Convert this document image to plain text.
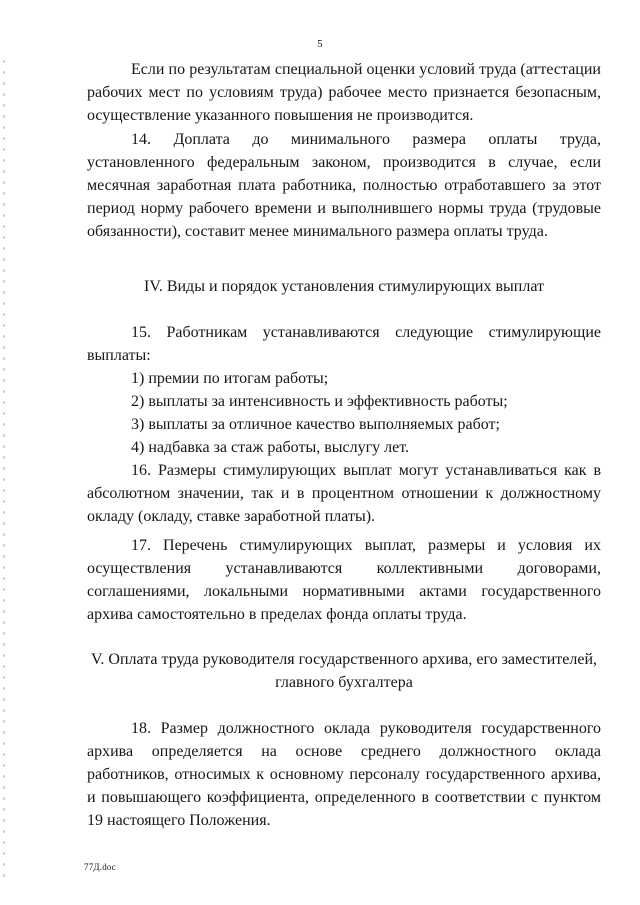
5
Если по результатам специальной оценки условий труда (аттестации
рабочих мест по условиям труда) рабочее место признается безопасным,
осуществление указанного повышения не производится.
14. Доплата до минимального размера оплаты труда,
установленного федеральным законом, производится в случае, если
месячная заработная плата работника, полностью отработавшего за этот
период норму рабочего времени и выполнившего нормы труда (трудовые
обязанности), составит менее минимального размера оплаты труда.
IV. Виды и порядок установления стимулирующих выплат
15. Работникам устанавливаются следующие стимулирующие
выплаты:
1) премии по итогам работы;
2) выплаты за интенсивность и эффективность работы;
3) выплаты за отличное качество выполняемых работ;
4) надбавка за стаж работы, выслугу лет.
16. Размеры стимулирующих выплат могут устанавливаться как в
абсолютном значении, так и в процентном отношении к должностному
окладу (окладу, ставке заработной платы).
17. Перечень стимулирующих выплат, размеры и условия их
осуществления устанавливаются коллективными договорами,
соглашениями, локальными нормативными актами государственного
архива самостоятельно в пределах фонда оплаты труда.
V. Оплата труда руководителя государственного архива, его заместителей,
главного бухгалтера
18. Размер должностного оклада руководителя государственного
архива определяется на основе среднего должностного оклада
работников, относимых к основному персоналу государственного архива,
и повышающего коэффициента, определенного в соответствии с пунктом
19 настоящего Положения.
77Д.doc
